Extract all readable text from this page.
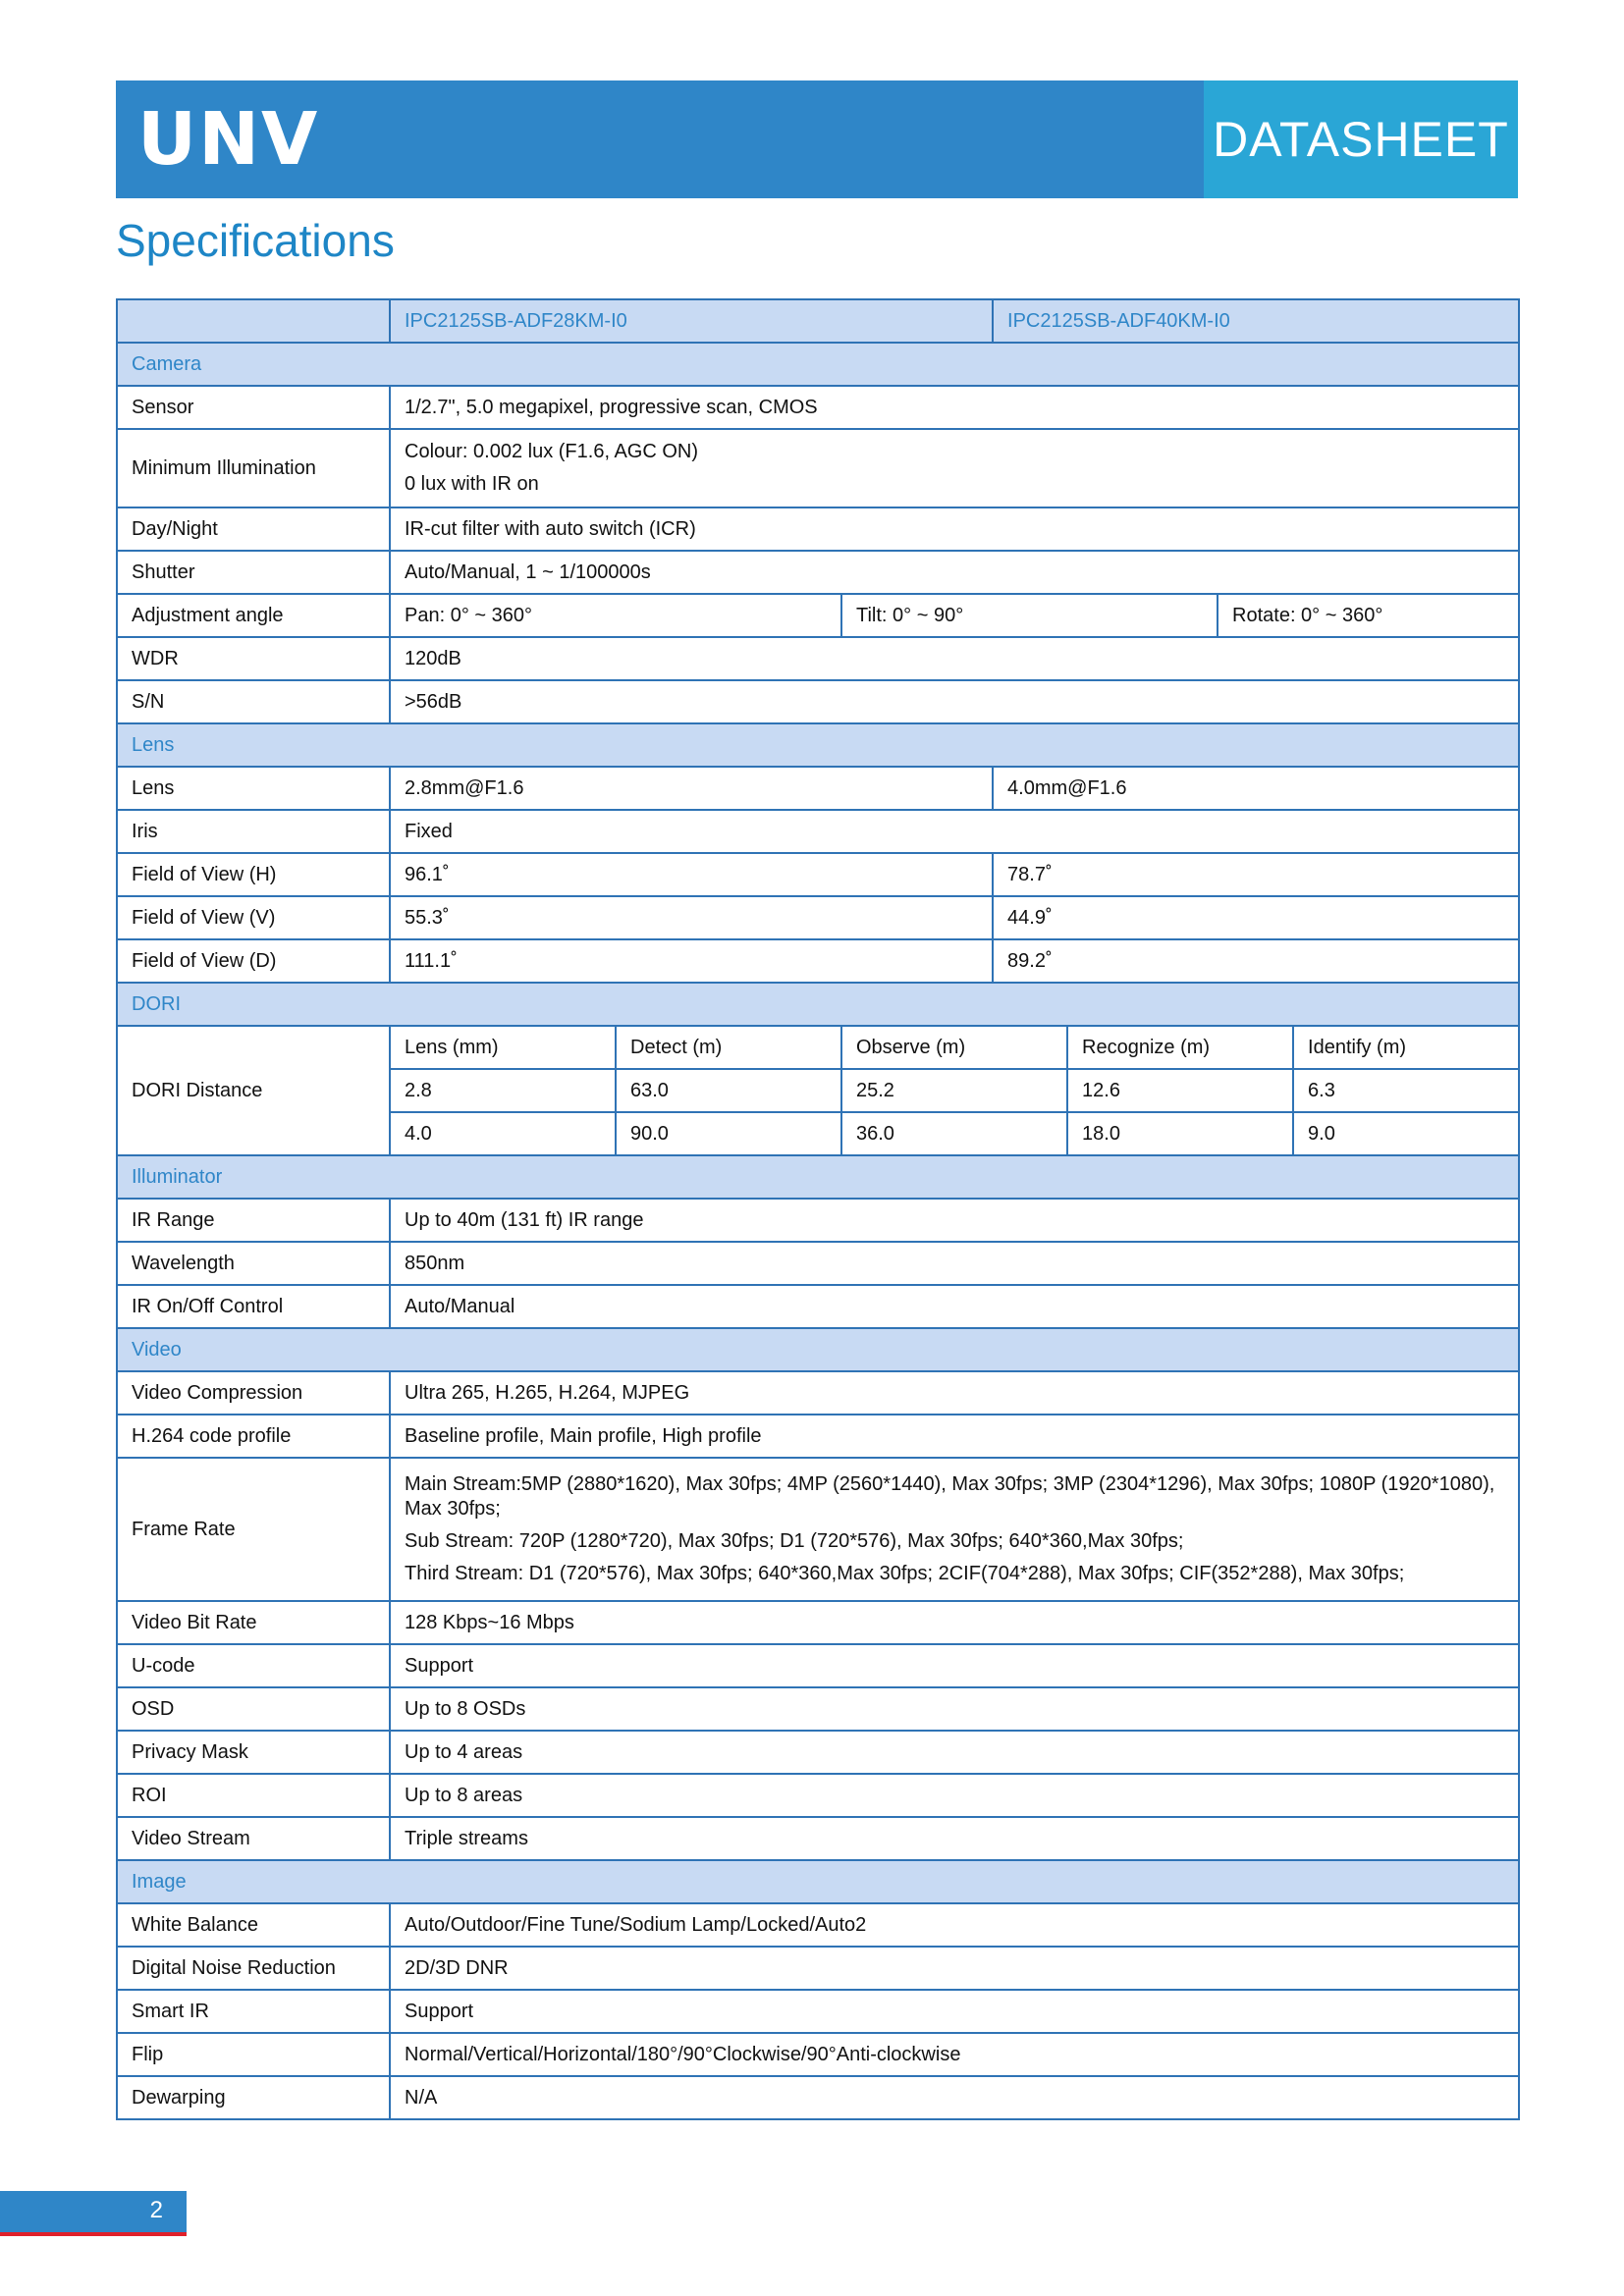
UNV	DATASHEET
Specifications
	IPC2125SB-ADF28KM-I0			IPC2125SB-ADF40KM-I0			
Camera							
Sensor	1/2.7", 5.0 megapixel, progressive scan, CMOS						
Minimum Illumination	Colour: 0.002 lux (F1.6, AGC ON)
0 lux with IR on						

Day/Night	IR-cut filter with auto switch (ICR)						
Shutter	Auto/Manual, 1 ~ 1/100000s						
Adjustment angle	Pan: 0° ~ 360°		Tilt: 0° ~ 90°			Rotate: 0° ~ 360°	
WDR	120dB						
S/N	>56dB						
Lens							
Lens	2.8mm@F1.6			4.0mm@F1.6			
Iris	Fixed						
Field of View (H)	96.1˚			78.7˚			
Field of View (V)	55.3˚			44.9˚			
Field of View (D)	111.1˚			89.2˚			
DORI							
DORI Distance	Lens (mm)	Detect (m)	Observe (m)		Recognize (m)		Identify (m)
	2.8	63.0	25.2		12.6		6.3
	4.0	90.0	36.0		18.0		9.0
Illuminator							
IR Range	Up to 40m (131 ft) IR range						
Wavelength	850nm						
IR On/Off Control	Auto/Manual						
Video							
Video Compression	Ultra 265, H.265, H.264, MJPEG						
H.264 code profile	Baseline profile, Main profile, High profile						
Frame Rate	Main Stream:5MP (2880*1620), Max 30fps; 4MP (2560*1440), Max 30fps; 3MP (2304*1296), Max 30fps; 1080P (1920*1080), Max 30fps;
Sub Stream: 720P (1280*720), Max 30fps; D1 (720*576), Max 30fps; 640*360,Max 30fps;
Third Stream: D1 (720*576), Max 30fps; 640*360,Max 30fps; 2CIF(704*288), Max 30fps; CIF(352*288), Max 30fps;						

Video Bit Rate	128 Kbps~16 Mbps						
U-code	Support						
OSD	Up to 8 OSDs						
Privacy Mask	Up to 4 areas						
ROI	Up to 8 areas						
Video Stream	Triple streams						
Image							
White Balance	Auto/Outdoor/Fine Tune/Sodium Lamp/Locked/Auto2						
Digital Noise Reduction	2D/3D DNR						
Smart IR	Support						
Flip	Normal/Vertical/Horizontal/180°/90°Clockwise/90°Anti-clockwise						
Dewarping	N/A						
2
